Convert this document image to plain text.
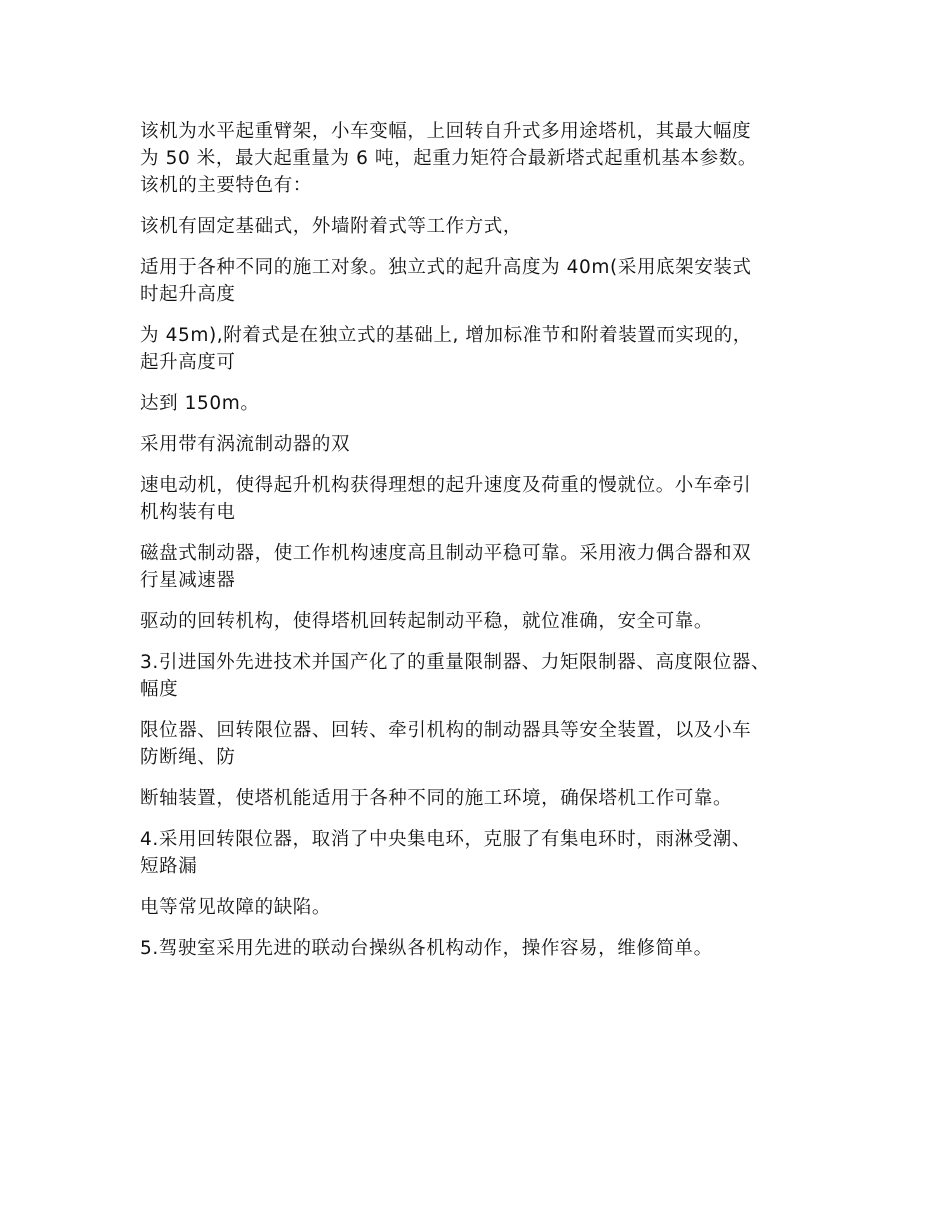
该机为水平起重臂架，小车变幅，上回转自升式多用途塔机，其最大幅度
为 50 米，最大起重量为 6 吨，起重力矩符合最新塔式起重机基本参数。
该机的主要特色有：

该机有固定基础式，外墙附着式等工作方式，

适用于各种不同的施工对象。独立式的起升高度为 40m(采用底架安装式
时起升高度

为 45m),附着式是在独立式的基础上, 增加标准节和附着装置而实现的，
起升高度可

达到 150m。

采用带有涡流制动器的双

速电动机，使得起升机构获得理想的起升速度及荷重的慢就位。小车牵引
机构装有电

磁盘式制动器，使工作机构速度高且制动平稳可靠。采用液力偶合器和双
行星减速器

驱动的回转机构，使得塔机回转起制动平稳，就位准确，安全可靠。

3.引进国外先进技术并国产化了的重量限制器、力矩限制器、高度限位器、
幅度

限位器、回转限位器、回转、牵引机构的制动器具等安全装置，以及小车
防断绳、防

断轴装置，使塔机能适用于各种不同的施工环境，确保塔机工作可靠。

4.采用回转限位器，取消了中央集电环，克服了有集电环时，雨淋受潮、
短路漏

电等常见故障的缺陷。

5.驾驶室采用先进的联动台操纵各机构动作，操作容易，维修简单。
